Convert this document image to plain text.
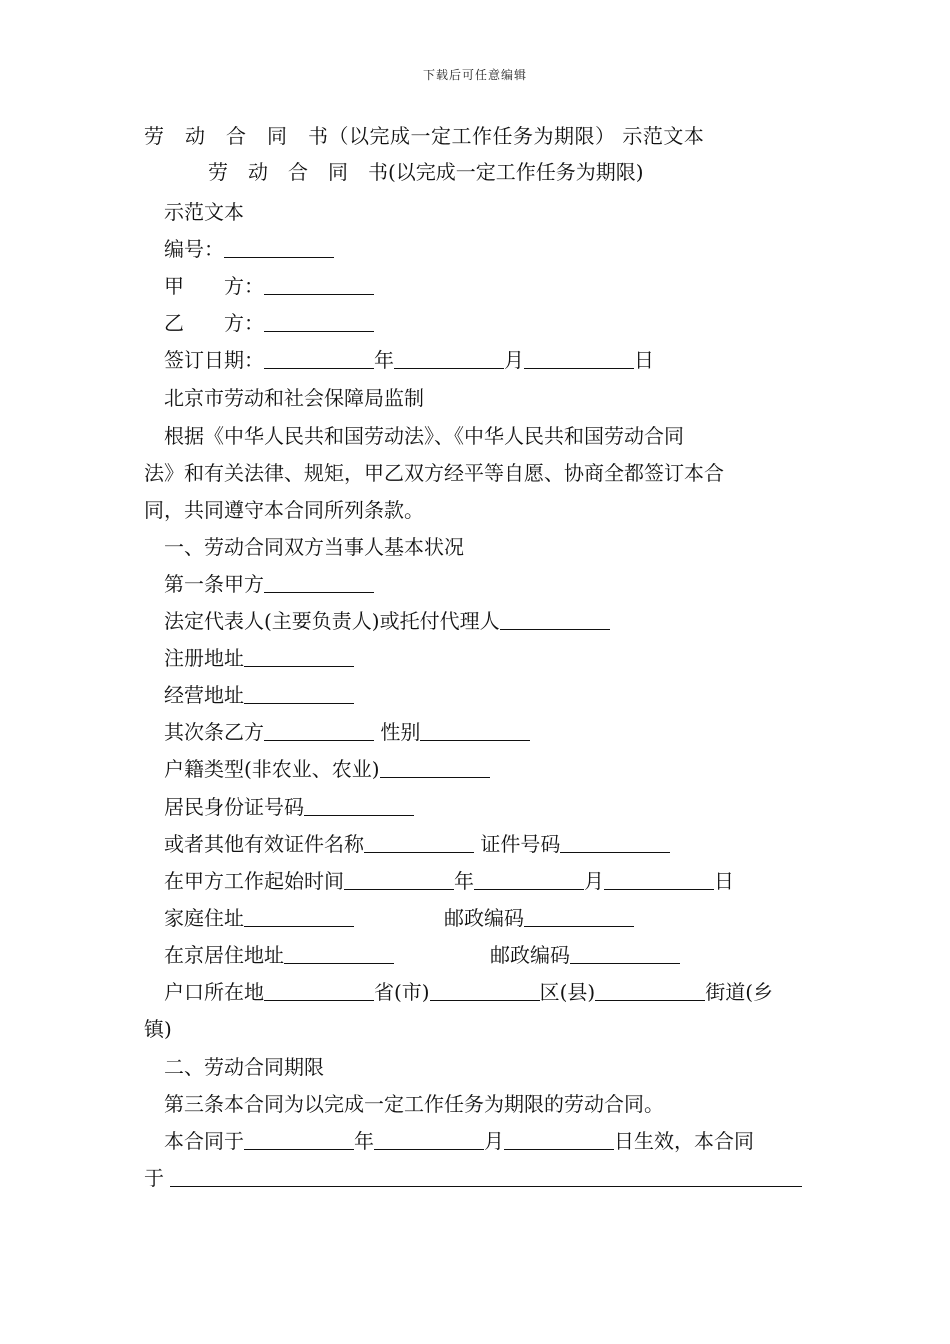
下载后可任意编辑
劳　动　合　同　书（以完成一定工作任务为期限） 示范文本
劳　动　合　同　书(以完成一定工作任务为期限)
示范文本
编号：
甲　　方：
乙　　方：
签订日期：	年	月	日
北京市劳动和社会保障局监制
根据《中华人民共和国劳动法》、《中华人民共和国劳动合同
法》和有关法律、规矩，甲乙双方经平等自愿、协商全都签订本合
同，共同遵守本合同所列条款。
一、劳动合同双方当事人基本状况
第一条甲方
法定代表人(主要负责人)或托付代理人
注册地址
经营地址
其次条乙方	性别
户籍类型(非农业、农业)
居民身份证号码
或者其他有效证件名称	证件号码
在甲方工作起始时间	年	月	日
家庭住址	邮政编码
在京居住地址	邮政编码
户口所在地	省(市)	区(县)	街道(乡
镇)
二、劳动合同期限
第三条本合同为以完成一定工作任务为期限的劳动合同。
本合同于	年	月	日生效，本合同
于
